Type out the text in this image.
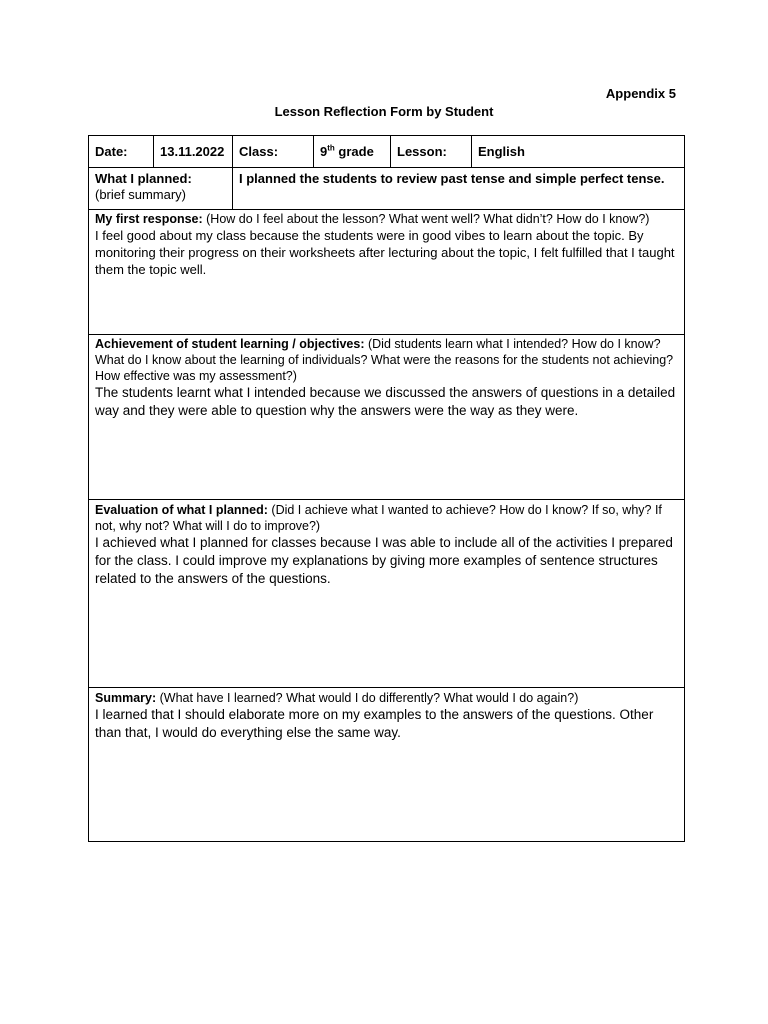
Appendix 5
Lesson Reflection Form by Student
Date:	13.11.2022	Class:	9th grade	Lesson:	English

What I planned:
(brief summary)		I planned the students to review past tense and simple perfect tense.			

My first response: (How do I feel about the lesson? What went well? What didn’t? How do I know?)
I feel good about my class because the students were in good vibes to learn about the topic. By monitoring their progress on their worksheets after lecturing about the topic, I felt fulfilled that I taught them the topic well.					

Achievement of student learning / objectives: (Did students learn what I intended? How do I know? What do I know about the learning of individuals? What were the reasons for the students not achieving? How effective was my assessment?)
The students learnt what I intended because we discussed the answers of questions in a detailed way and they were able to question why the answers were the way as they were.					

Evaluation of what I planned: (Did I achieve what I wanted to achieve? How do I know? If so, why? If not, why not? What will I do to improve?)
I achieved what I planned for classes because I was able to include all of the activities I prepared for the class. I could improve my explanations by giving more examples of sentence structures related to the answers of the questions.					

Summary: (What have I learned? What would I do differently? What would I do again?)
I learned that I should elaborate more on my examples to the answers of the questions. Other than that, I would do everything else the same way.					
